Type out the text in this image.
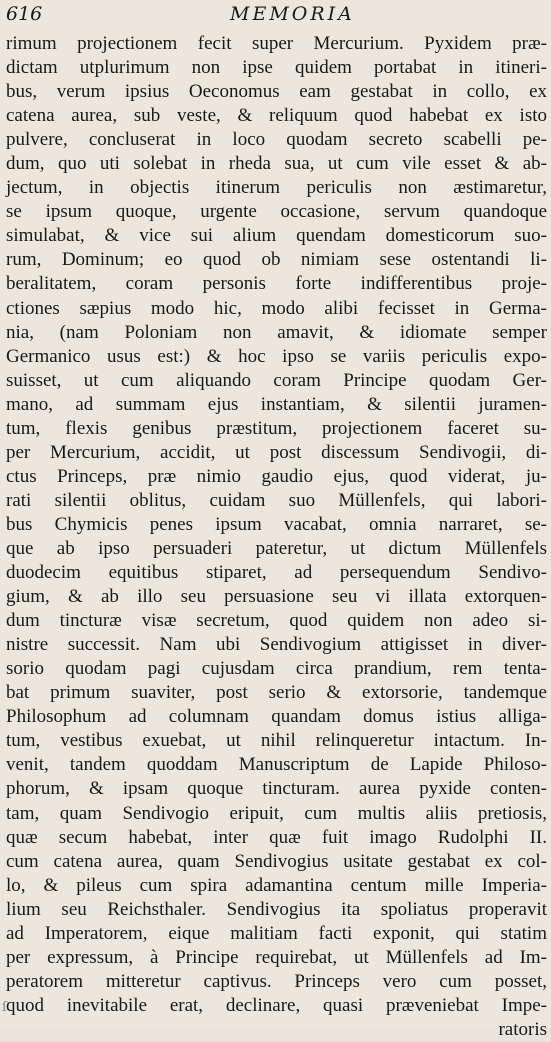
616	MEMORIA
rimum projectionem fecit super Mercurium. Pyxidem præ-
dictam utplurimum non ipse quidem portabat in itineri-
bus, verum ipsius Oeconomus eam gestabat in collo, ex
catena aurea, sub veste, & reliquum quod habebat ex isto
pulvere, concluserat in loco quodam secreto scabelli pe-
dum, quo uti solebat in rheda sua, ut cum vile esset & ab-
jectum, in objectis itinerum periculis non æstimaretur,
se ipsum quoque, urgente occasione, servum quandoque
simulabat, & vice sui alium quendam domesticorum suo-
rum, Dominum; eo quod ob nimiam sese ostentandi li-
beralitatem, coram personis forte indifferentibus proje-
ctiones sæpius modo hic, modo alibi fecisset in Germa-
nia, (nam Poloniam non amavit, & idiomate semper
Germanico usus est:) & hoc ipso se variis periculis expo-
suisset, ut cum aliquando coram Principe quodam Ger-
mano, ad summam ejus instantiam, & silentii juramen-
tum, flexis genibus præstitum, projectionem faceret su-
per Mercurium, accidit, ut post discessum Sendivogii, di-
ctus Princeps, præ nimio gaudio ejus, quod viderat, ju-
rati silentii oblitus, cuidam suo Müllenfels, qui labori-
bus Chymicis penes ipsum vacabat, omnia narraret, se-
que ab ipso persuaderi pateretur, ut dictum Müllenfels
duodecim equitibus stiparet, ad persequendum Sendivo-
gium, & ab illo seu persuasione seu vi illata extorquen-
dum tincturæ visæ secretum, quod quidem non adeo si-
nistre successit. Nam ubi Sendivogium attigisset in diver-
sorio quodam pagi cujusdam circa prandium, rem tenta-
bat primum suaviter, post serio & extorsorie, tandemque
Philosophum ad columnam quandam domus istius alliga-
tum, vestibus exuebat, ut nihil relinqueretur intactum. In-
venit, tandem quoddam Manuscriptum de Lapide Philoso-
phorum, & ipsam quoque tincturam. aurea pyxide conten-
tam, quam Sendivogio eripuit, cum multis aliis pretiosis,
quæ secum habebat, inter quæ fuit imago Rudolphi II.
cum catena aurea, quam Sendivogius usitate gestabat ex col-
lo, & pileus cum spira adamantina centum mille Imperia-
lium seu Reichsthaler. Sendivogius ita spoliatus properavit
ad Imperatorem, eique malitiam facti exponit, qui statim
per expressum, à Principe requirebat, ut Müllenfels ad Im-
peratorem mitteretur captivus. Princeps vero cum posset,
quod inevitabile erat, declinare, quasi præveniebat Impe-
ratoris
ſ
